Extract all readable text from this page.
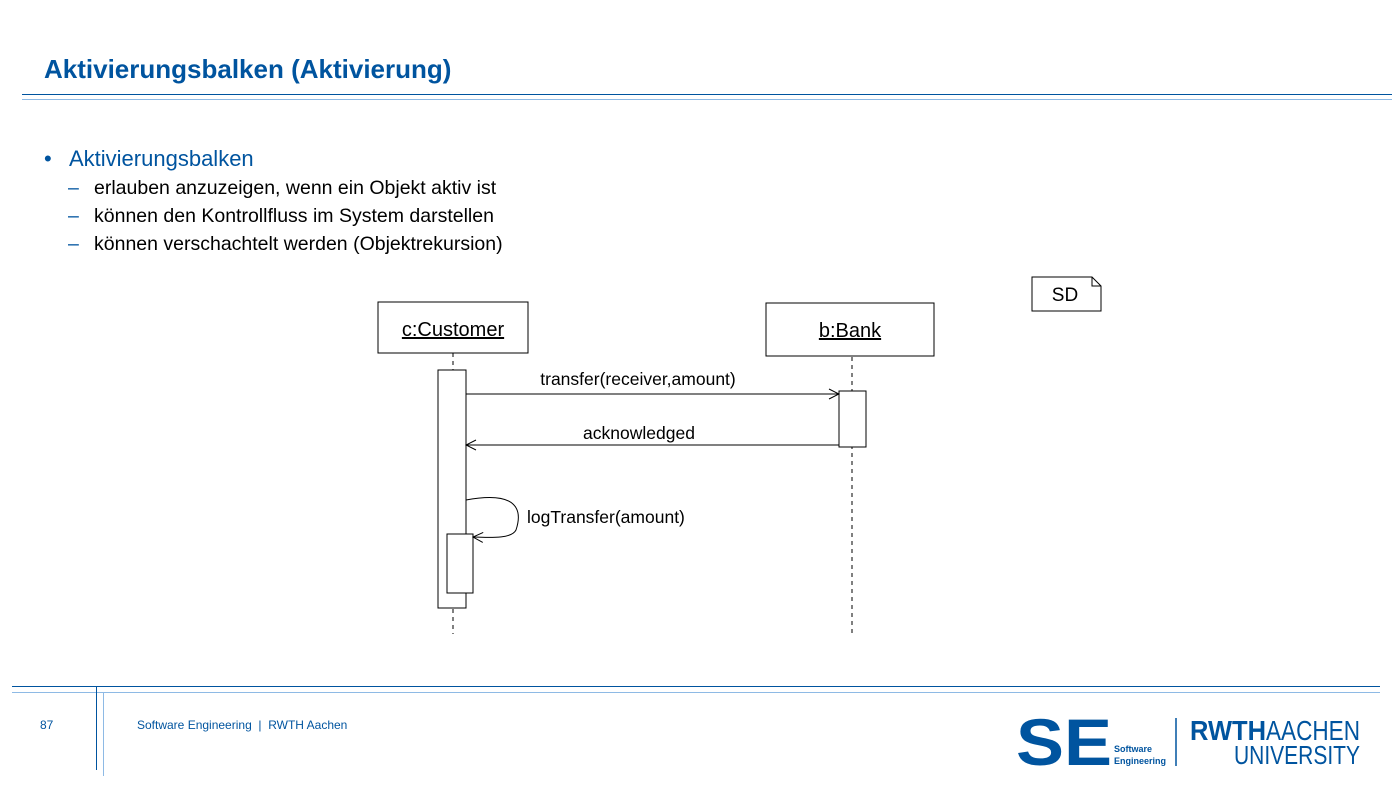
Aktivierungsbalken (Aktivierung)
• Aktivierungsbalken
– erlauben anzuzeigen, wenn ein Objekt aktiv ist
– können den Kontrollfluss im System darstellen
– können verschachtelt werden (Objektrekursion)
SD
c:Customer	b:Bank
transfer(receiver,amount)
acknowledged
logTransfer(amount)
87	Software Engineering  |  RWTH Aachen	SE Software
Engineering
RWTH AACHEN
UNIVERSITY
